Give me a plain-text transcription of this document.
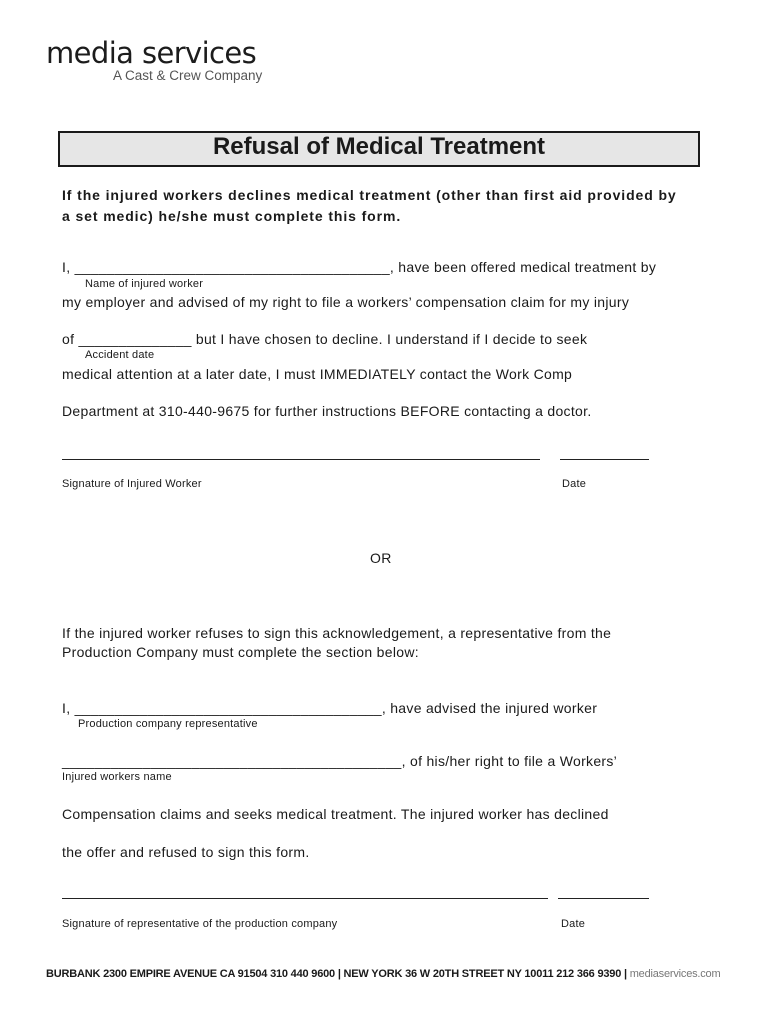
media services
A Cast & Crew Company
Refusal of Medical Treatment
If the injured workers declines medical treatment (other than first aid provided by
a set medic) he/she must complete this form.
I, _______________________________________, have been offered medical treatment by
Name of injured worker
my employer and advised of my right to file a workers’ compensation claim for my injury
of ______________ but I have chosen to decline. I understand if I decide to seek
Accident date
medical attention at a later date, I must IMMEDIATELY contact the Work Comp
Department at 310-440-9675 for further instructions BEFORE contacting a doctor.
Signature of Injured Worker	Date
OR
If the injured worker refuses to sign this acknowledgement, a representative from the
Production Company must complete the section below:
I, ______________________________________, have advised the injured worker
Production company representative
__________________________________________, of his/her right to file a Workers’
Injured workers name
Compensation claims and seeks medical treatment. The injured worker has declined
the offer and refused to sign this form.
Signature of representative of the production company	Date
BURBANK 2300 EMPIRE AVENUE CA 91504 310 440 9600 | NEW YORK 36 W 20TH STREET NY 10011 212 366 9390 | mediaservices.com
